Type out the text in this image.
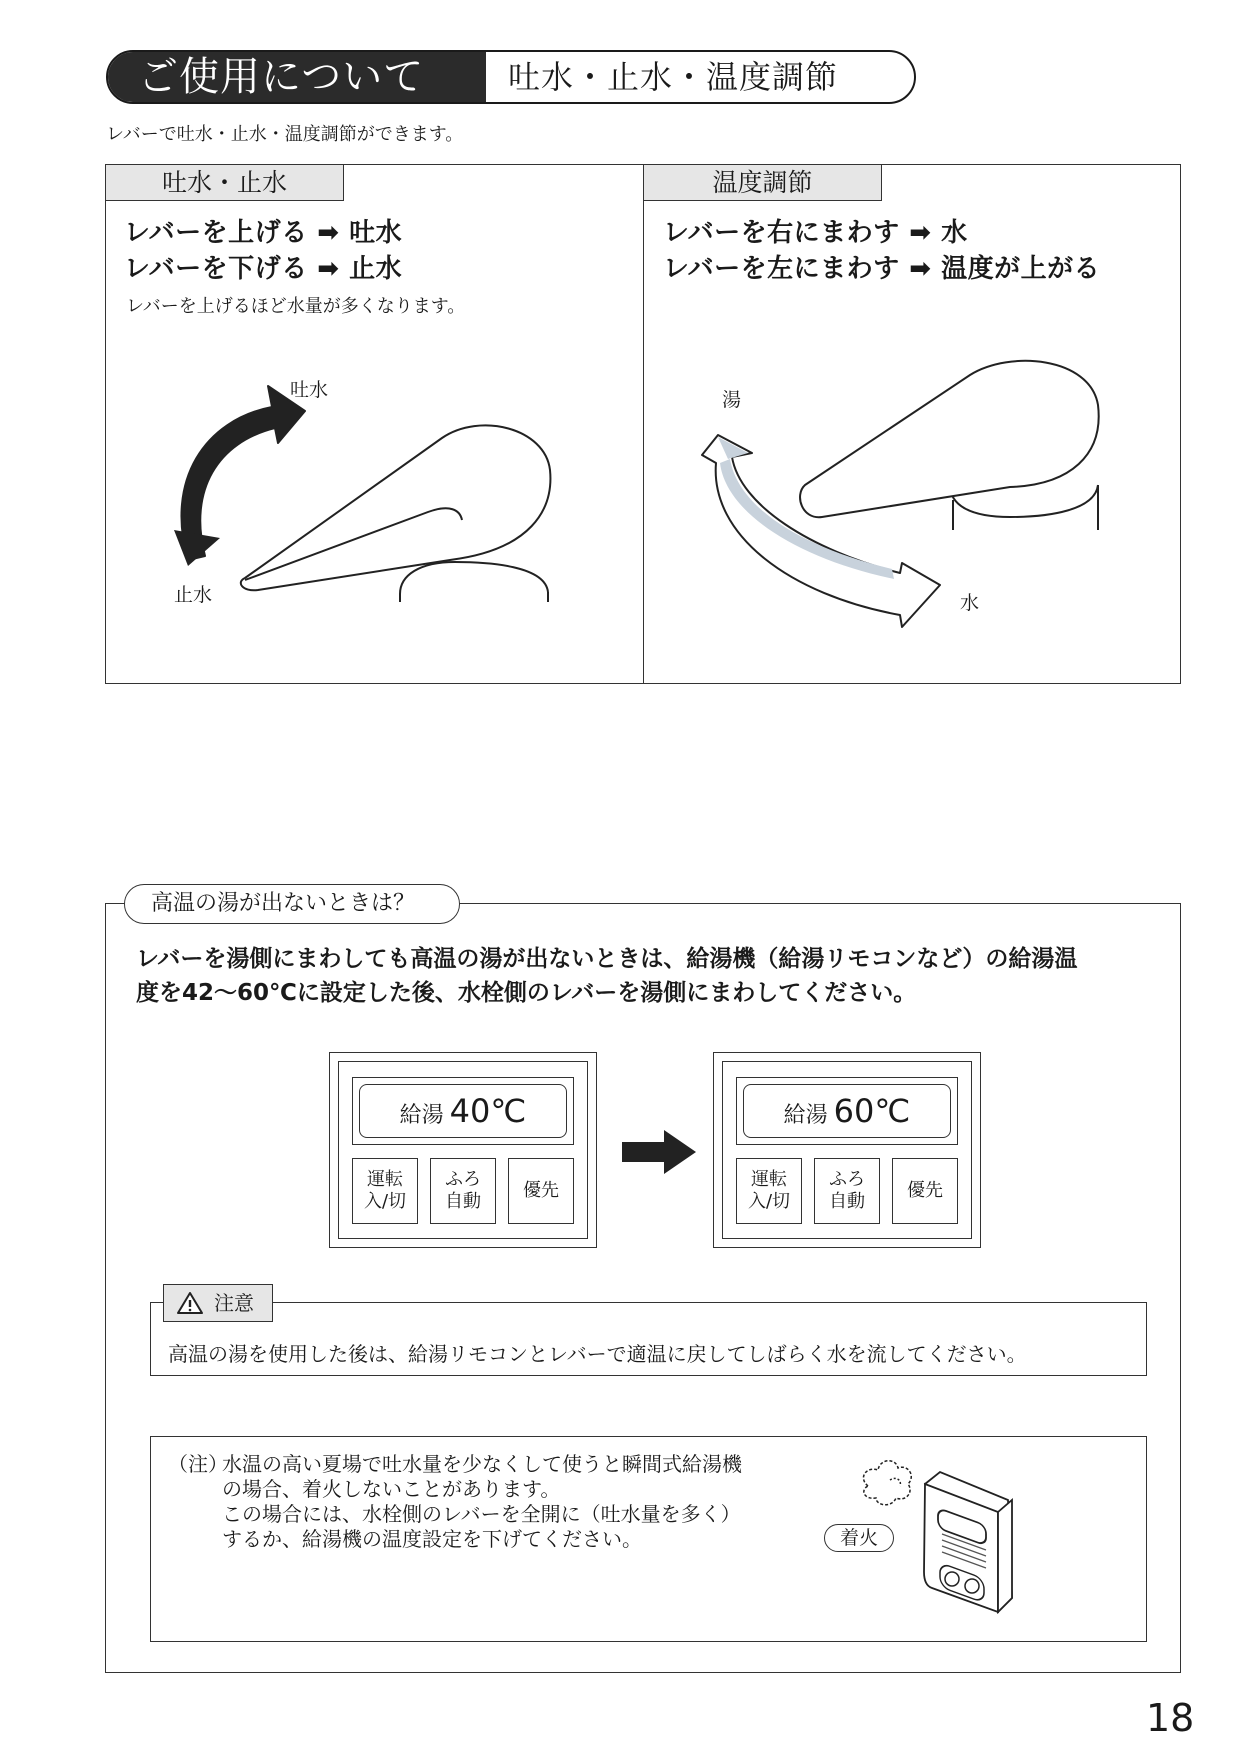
ご使用について	吐水・止水・温度調節
レバーで吐水・止水・温度調節ができます。
吐水・止水
レバーを上げる ➡ 吐水
レバーを下げる ➡ 止水
レバーを上げるほど水量が多くなります。
吐水
止水
温度調節
レバーを右にまわす ➡ 水
レバーを左にまわす ➡ 温度が上がる
湯
水
高温の湯が出ないときは？
レバーを湯側にまわしても高温の湯が出ないときは、給湯機（給湯リモコンなど）の給湯温
度を42〜60℃に設定した後、水栓側のレバーを湯側にまわしてください。
給湯 40℃
運転
入/切
ふろ
自動
優先
給湯 60℃
運転
入/切
ふろ
自動
優先
注意
高温の湯を使用した後は、給湯リモコンとレバーで適温に戻してしばらく水を流してください。
（注）
水温の高い夏場で吐水量を少なくして使うと瞬間式給湯機
の場合、着火しないことがあります。
この場合には、水栓側のレバーを全開に（吐水量を多く）
するか、給湯機の温度設定を下げてください。	着火
18
